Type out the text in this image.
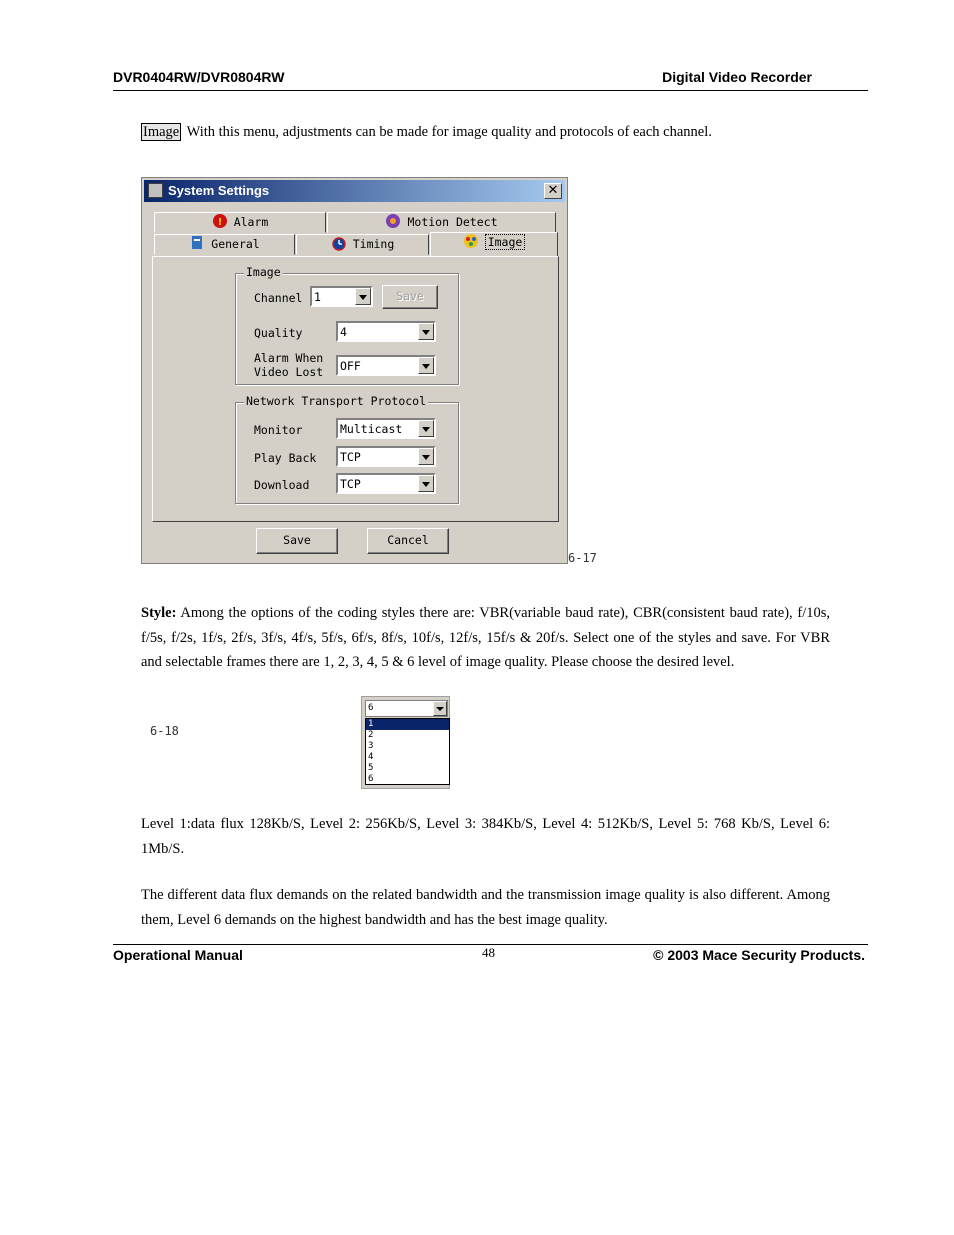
DVR0404RW/DVR0804RW	Digital Video Recorder
Image With this menu, adjustments can be made for image quality and protocols of each channel.
System Settings	✕
! Alarm	Motion Detect
General	Timing	Image
Image
Channel 1	Save
Quality	4
Alarm When
Video Lost OFF
Network Transport Protocol
Monitor	Multicast
Play Back TCP
Download	TCP
Save	Cancel
6-17
Style: Among the options of the coding styles there are: VBR(variable baud rate), CBR(consistent baud rate), f/10s, f/5s, f/2s, 1f/s, 2f/s, 3f/s, 4f/s, 5f/s, 6f/s, 8f/s, 10f/s, 12f/s, 15f/s & 20f/s. Select one of the styles and save. For VBR and selectable frames there are 1, 2, 3, 4, 5 & 6 level of image quality. Please choose the desired level.
6-18
6
1
2
3
4
5
6
Level 1:data flux 128Kb/S, Level 2: 256Kb/S, Level 3: 384Kb/S, Level 4: 512Kb/S, Level 5: 768 Kb/S, Level 6: 1Mb/S.
The different data flux demands on the related bandwidth and the transmission image quality is also different. Among them, Level 6 demands on the highest bandwidth and has the best image quality.
Operational Manual	48	© 2003 Mace Security Products.
